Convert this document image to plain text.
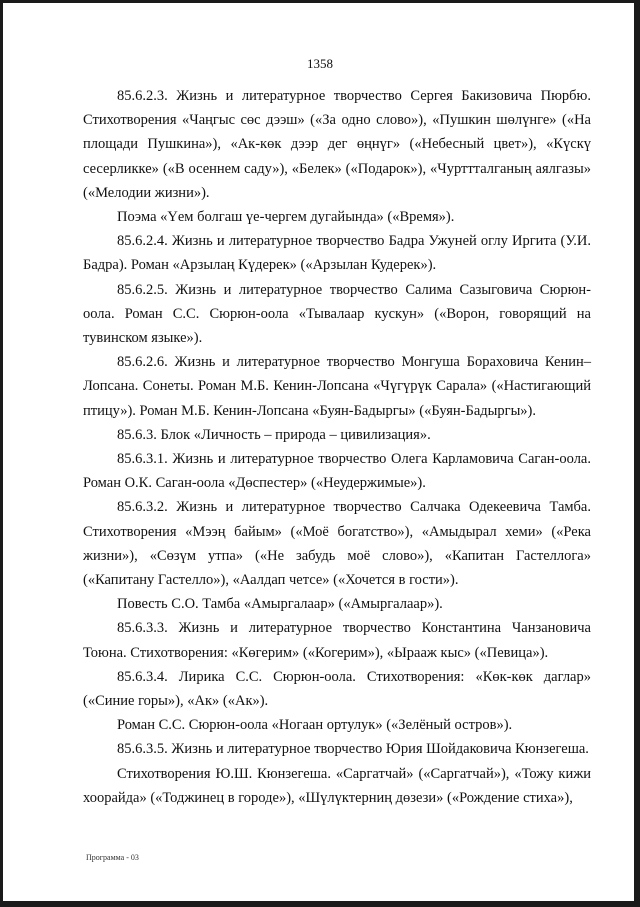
1358

85.6.2.3. Жизнь и литературное творчество Сергея Бакизовича Пюрбю. Стихотворения «Чаңгыс сөс дээш» («За одно слово»), «Пушкин шөлүнге» («На площади Пушкина»), «Ак-көк дээр дег өңнүг» («Небесный цвет»), «Күскү сесерликке» («В осеннем саду»), «Белек» («Подарок»), «Чурттталганың аялгазы» («Мелодии жизни»).

Поэма «Үем болгаш үе-чергем дугайында» («Время»).

85.6.2.4. Жизнь и литературное творчество Бадра Ужуней оглу Иргита (У.И. Бадра). Роман «Арзылаң Күдерек» («Арзылан Кудерек»).

85.6.2.5. Жизнь и литературное творчество Салима Сазыговича Сюрюн-оола. Роман С.С. Сюрюн-оола «Тывалаар кускун» («Ворон, говорящий на тувинском языке»).

85.6.2.6. Жизнь и литературное творчество Монгуша Бораховича Кенин–Лопсана. Сонеты. Роман М.Б. Кенин-Лопсана «Чүгүрүк Сарала» («Настигающий птицу»). Роман М.Б. Кенин-Лопсана «Буян-Бадыргы» («Буян-Бадыргы»).

85.6.3. Блок «Личность – природа – цивилизация».

85.6.3.1. Жизнь и литературное творчество Олега Карламовича Саган-оола. Роман О.К. Саган-оола «Дөспестер» («Неудержимые»).

85.6.3.2. Жизнь и литературное творчество Салчака Одекеевича Тамба. Стихотворения «Мээң байым» («Моё богатство»), «Амыдырал хеми» («Река жизни»), «Сөзүм утпа» («Не забудь моё слово»), «Капитан Гастеллога» («Капитану Гастелло»), «Аалдап четсе» («Хочется в гости»).

Повесть С.О. Тамба «Амыргалаар» («Амыргалаар»).

85.6.3.3. Жизнь и литературное творчество Константина Чанзановича Тоюна. Стихотворения: «Көгерим» («Когерим»), «Ырааж кыс» («Певица»).

85.6.3.4. Лирика С.С. Сюрюн-оола. Стихотворения: «Көк-көк даглар» («Синие горы»), «Ак» («Ак»).

Роман С.С. Сюрюн-оола «Ногаан ортулук» («Зелёный остров»).

85.6.3.5. Жизнь и литературное творчество Юрия Шойдаковича Кюнзегеша.

Стихотворения Ю.Ш. Кюнзегеша. «Саргатчай» («Саргатчай»), «Тожу кижи хоорайда» («Тоджинец в городе»), «Шүлүктерниң дөзези» («Рождение стиха»),

Программа - 03
